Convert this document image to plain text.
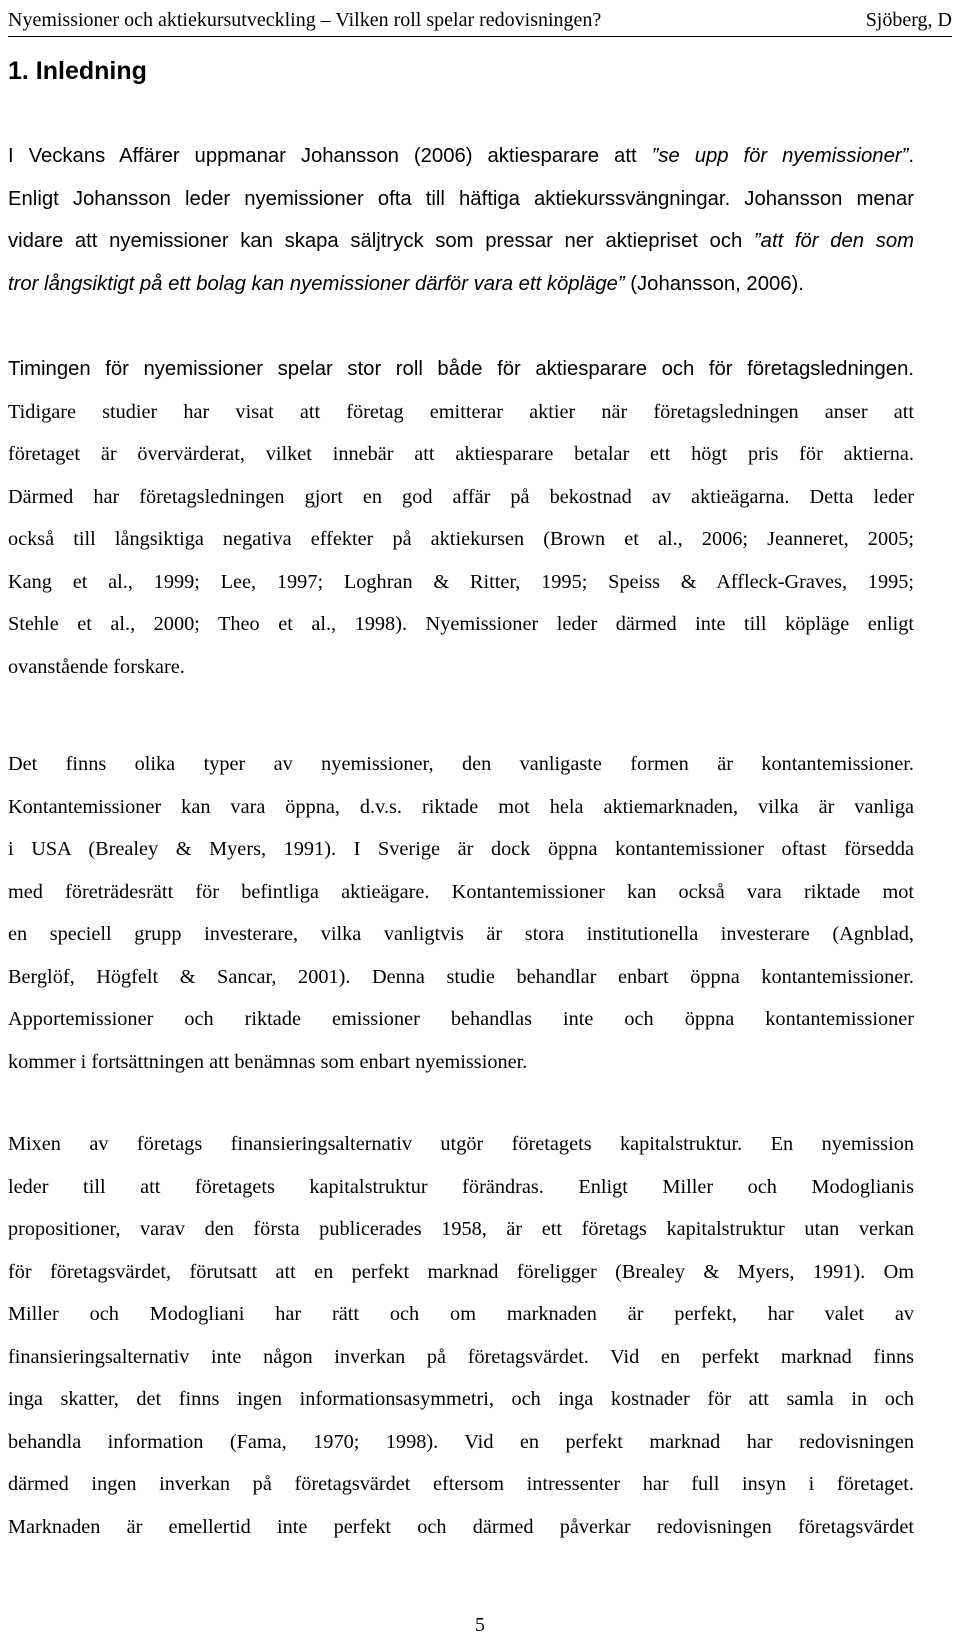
Nyemissioner och aktiekursutveckling – Vilken roll spelar redovisningen?	Sjöberg, D
1. Inledning
I Veckans Affärer uppmanar Johansson (2006) aktiesparare att ”se upp för nyemissioner”.
Enligt Johansson leder nyemissioner ofta till häftiga aktiekurssvängningar. Johansson menar
vidare att nyemissioner kan skapa säljtryck som pressar ner aktiepriset och ”att för den som
tror långsiktigt på ett bolag kan nyemissioner därför vara ett köpläge” (Johansson, 2006).
Timingen för nyemissioner spelar stor roll både för aktiesparare och för företagsledningen.
Tidigare studier har visat att företag emitterar aktier när företagsledningen anser att
företaget är övervärderat, vilket innebär att aktiesparare betalar ett högt pris för aktierna.
Därmed har företagsledningen gjort en god affär på bekostnad av aktieägarna. Detta leder
också till långsiktiga negativa effekter på aktiekursen (Brown et al., 2006; Jeanneret, 2005;
Kang et al., 1999; Lee, 1997; Loghran & Ritter, 1995; Speiss & Affleck-Graves, 1995;
Stehle et al., 2000; Theo et al., 1998). Nyemissioner leder därmed inte till köpläge enligt
ovanstående forskare.
Det finns olika typer av nyemissioner, den vanligaste formen är kontantemissioner.
Kontantemissioner kan vara öppna, d.v.s. riktade mot hela aktiemarknaden, vilka är vanliga
i USA (Brealey & Myers, 1991). I Sverige är dock öppna kontantemissioner oftast försedda
med företrädesrätt för befintliga aktieägare. Kontantemissioner kan också vara riktade mot
en speciell grupp investerare, vilka vanligtvis är stora institutionella investerare (Agnblad,
Berglöf, Högfelt & Sancar, 2001). Denna studie behandlar enbart öppna kontantemissioner.
Apportemissioner och riktade emissioner behandlas inte och öppna kontantemissioner
kommer i fortsättningen att benämnas som enbart nyemissioner.
Mixen av företags finansieringsalternativ utgör företagets kapitalstruktur. En nyemission
leder till att företagets kapitalstruktur förändras. Enligt Miller och Modoglianis
propositioner, varav den första publicerades 1958, är ett företags kapitalstruktur utan verkan
för företagsvärdet, förutsatt att en perfekt marknad föreligger (Brealey & Myers, 1991). Om
Miller och Modogliani har rätt och om marknaden är perfekt, har valet av
finansieringsalternativ inte någon inverkan på företagsvärdet. Vid en perfekt marknad finns
inga skatter, det finns ingen informationsasymmetri, och inga kostnader för att samla in och
behandla information (Fama, 1970; 1998). Vid en perfekt marknad har redovisningen
därmed ingen inverkan på företagsvärdet eftersom intressenter har full insyn i företaget.
Marknaden är emellertid inte perfekt och därmed påverkar redovisningen företagsvärdet
5
